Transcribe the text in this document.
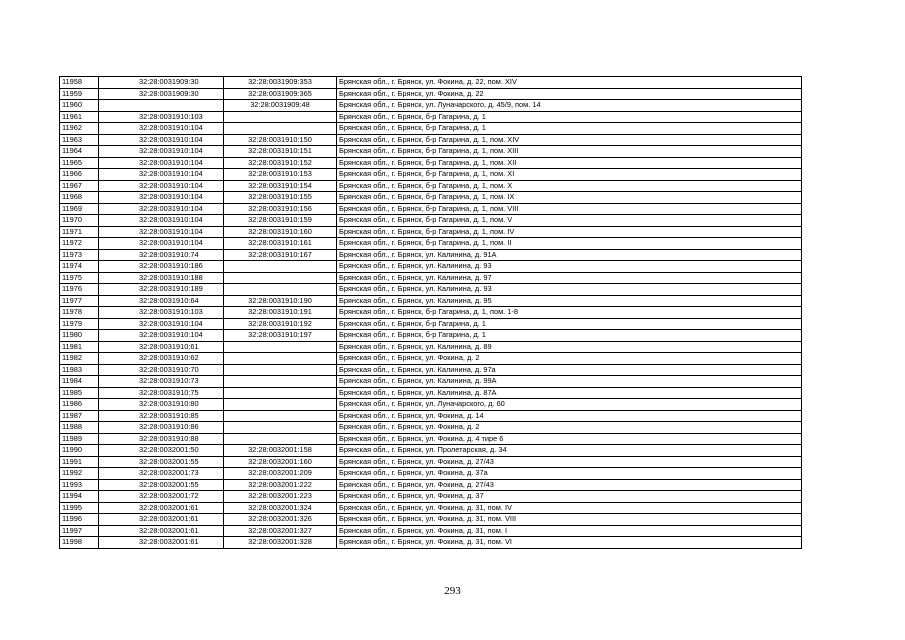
11958	32:28:0031909:30	32:28:0031909:353	Брянская обл., г. Брянск, ул. Фокина, д. 22, пом. XIV
11959	32:28:0031909:30	32:28:0031909:365	Брянская обл., г. Брянск, ул. Фокина, д. 22
11960		32:28:0031909:48	Брянская обл., г. Брянск, ул. Луначарского, д. 45/9, пом. 14
11961	32:28:0031910:103		Брянская обл., г. Брянск, б-р Гагарина, д. 1
11962	32:28:0031910:104		Брянская обл., г. Брянск, б-р Гагарина, д. 1
11963	32:28:0031910:104	32:28:0031910:150	Брянская обл., г. Брянск, б-р Гагарина, д. 1, пом. XIV
11964	32:28:0031910:104	32:28:0031910:151	Брянская обл., г. Брянск, б-р Гагарина, д. 1, пом. XIII
11965	32:28:0031910:104	32:28:0031910:152	Брянская обл., г. Брянск, б-р Гагарина, д. 1, пом. XII
11966	32:28:0031910:104	32:28:0031910:153	Брянская обл., г. Брянск, б-р Гагарина, д. 1, пом. XI
11967	32:28:0031910:104	32:28:0031910:154	Брянская обл., г. Брянск, б-р Гагарина, д. 1, пом. X
11968	32:28:0031910:104	32:28:0031910:155	Брянская обл., г. Брянск, б-р Гагарина, д. 1, пом. IX
11969	32:28:0031910:104	32:28:0031910:156	Брянская обл., г. Брянск, б-р Гагарина, д. 1, пом. VIII
11970	32:28:0031910:104	32:28:0031910:159	Брянская обл., г. Брянск, б-р Гагарина, д. 1, пом. V
11971	32:28:0031910:104	32:28:0031910:160	Брянская обл., г. Брянск, б-р Гагарина, д. 1, пом. IV
11972	32:28:0031910:104	32:28:0031910:161	Брянская обл., г. Брянск, б-р Гагарина, д. 1, пом. II
11973	32:28:0031910:74	32:28:0031910:167	Брянская обл., г. Брянск, ул. Калинина, д. 91А
11974	32:28:0031910:186		Брянская обл., г. Брянск, ул. Калинина, д. 93
11975	32:28:0031910:188		Брянская обл., г. Брянск, ул. Калинина, д. 97
11976	32:28:0031910:189		Брянская обл., г. Брянск, ул. Калинина, д. 93
11977	32:28:0031910:64	32:28:0031910:190	Брянская обл., г. Брянск, ул. Калинина, д. 95
11978	32:28:0031910:103	32:28:0031910:191	Брянская обл., г. Брянск, б-р Гагарина, д. 1, пом. 1-8
11979	32:28:0031910:104	32:28:0031910:192	Брянская обл., г. Брянск, б-р Гагарина, д. 1
11980	32:28:0031910:104	32:28:0031910:197	Брянская обл., г. Брянск, б-р Гагарина, д. 1
11981	32:28:0031910:61		Брянская обл., г. Брянск, ул. Калинина, д. 89
11982	32:28:0031910:62		Брянская обл., г. Брянск, ул. Фокина, д. 2
11983	32:28:0031910:70		Брянская обл., г. Брянск, ул. Калинина, д. 97а
11984	32:28:0031910:73		Брянская обл., г. Брянск, ул. Калинина, д. 99А
11985	32:28:0031910:75		Брянская обл., г. Брянск, ул. Калинина, д. 87А
11986	32:28:0031910:80		Брянская обл., г. Брянск, ул. Луначарского, д. 60
11987	32:28:0031910:85		Брянская обл., г. Брянск, ул. Фокина, д. 14
11988	32:28:0031910:86		Брянская обл., г. Брянск, ул. Фокина, д. 2
11989	32:28:0031910:88		Брянская обл., г. Брянск, ул. Фокина, д. 4 тире 6
11990	32:28:0032001:50	32:28:0032001:158	Брянская обл., г. Брянск, ул. Пролетарская, д. 34
11991	32:28:0032001:55	32:28:0032001:160	Брянская обл., г. Брянск, ул. Фокина, д. 27/43
11992	32:28:0032001:73	32:28:0032001:209	Брянская обл., г. Брянск, ул. Фокина, д. 37а
11993	32:28:0032001:55	32:28:0032001:222	Брянская обл., г. Брянск, ул. Фокина, д. 27/43
11994	32:28:0032001:72	32:28:0032001:223	Брянская обл., г. Брянск, ул. Фокина, д. 37
11995	32:28:0032001:61	32:28:0032001:324	Брянская обл., г. Брянск, ул. Фокина, д. 31, пом. IV
11996	32:28:0032001:61	32:28:0032001:326	Брянская обл., г. Брянск, ул. Фокина, д. 31, пом. VIII
11997	32:28:0032001:61	32:28:0032001:327	Брянская обл., г. Брянск, ул. Фокина, д. 31, пом. I
11998	32:28:0032001:61	32:28:0032001:328	Брянская обл., г. Брянск, ул. Фокина, д. 31, пом. VI
293
